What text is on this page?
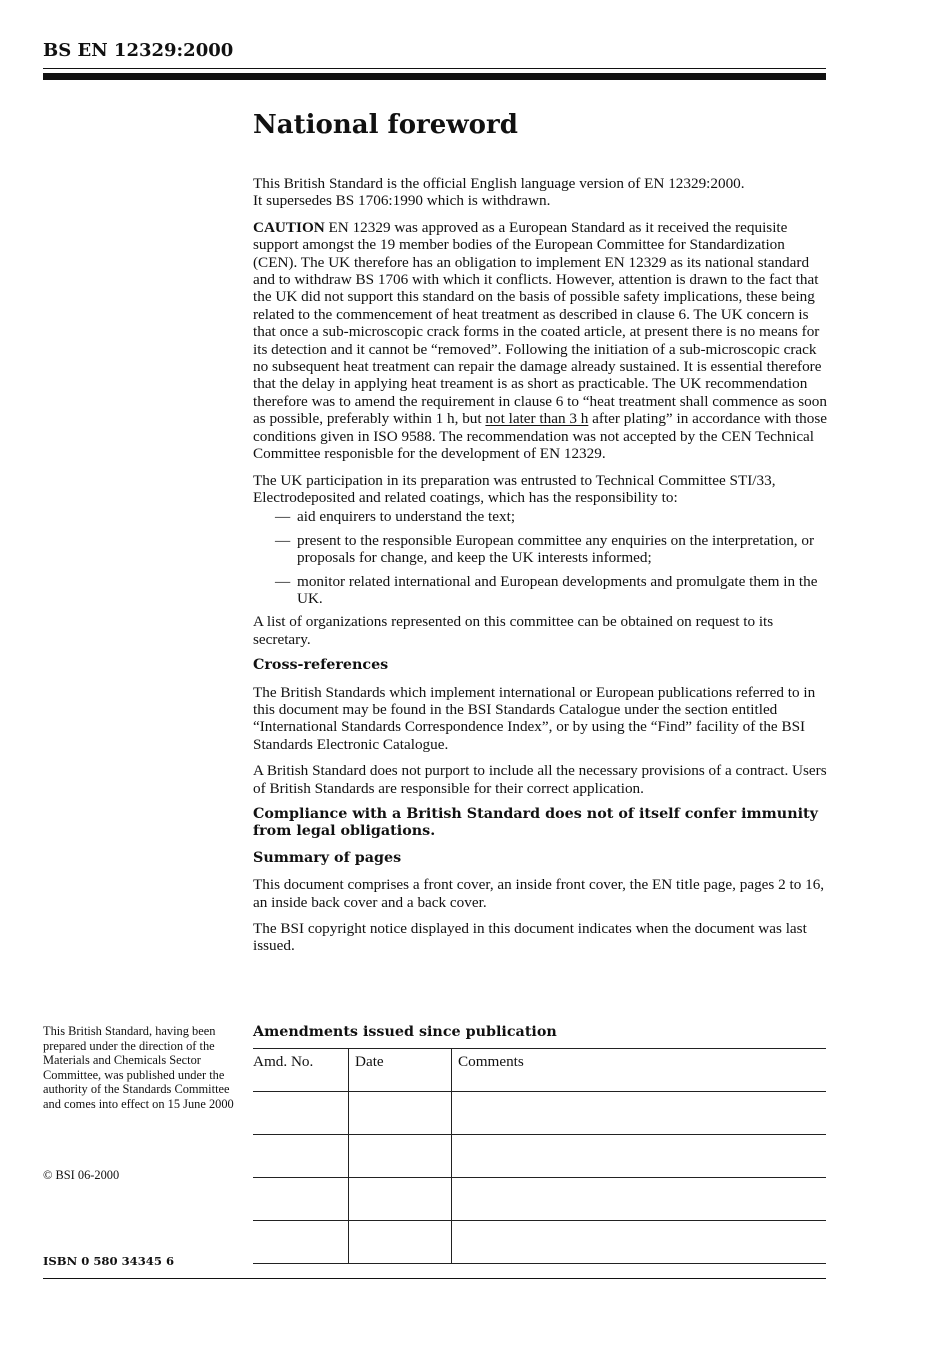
BS EN 12329:2000
National foreword

This British Standard is the official English language version of EN 12329:2000.
It supersedes BS 1706:1990 which is withdrawn.

CAUTION EN 12329 was approved as a European Standard as it received the requisite support amongst the 19 member bodies of the European Committee for Standardization (CEN). The UK therefore has an obligation to implement EN 12329 as its national standard and to withdraw BS 1706 with which it conflicts. However, attention is drawn to the fact that the UK did not support this standard on the basis of possible safety implications, these being related to the commencement of heat treatment as described in clause 6. The UK concern is that once a sub-microscopic crack forms in the coated article, at present there is no means for its detection and it cannot be “removed”. Following the initiation of a sub-microscopic crack no subsequent heat treatment can repair the damage already sustained. It is essential therefore that the delay in applying heat treament is as short as practicable. The UK recommendation therefore was to amend the requirement in clause 6 to “heat treatment shall commence as soon as possible, preferably within 1 h, but not later than 3 h after plating” in accordance with those conditions given in ISO 9588. The recommendation was not accepted by the CEN Technical Committee responisble for the development of EN 12329.

The UK participation in its preparation was entrusted to Technical Committee STI/33, Electrodeposited and related coatings, which has the responsibility to:

— aid enquirers to understand the text;
— present to the responsible European committee any enquiries on the interpretation, or proposals for change, and keep the UK interests informed;
— monitor related international and European developments and promulgate them in the UK.

A list of organizations represented on this committee can be obtained on request to its secretary.

Cross-references

The British Standards which implement international or European publications referred to in this document may be found in the BSI Standards Catalogue under the section entitled “International Standards Correspondence Index”, or by using the “Find” facility of the BSI Standards Electronic Catalogue.

A British Standard does not purport to include all the necessary provisions of a contract. Users of British Standards are responsible for their correct application.

Compliance with a British Standard does not of itself confer immunity from legal obligations.
Summary of pages

This document comprises a front cover, an inside front cover, the EN title page, pages 2 to 16, an inside back cover and a back cover.

The BSI copyright notice displayed in this document indicates when the document was last issued.

This British Standard, having been prepared under the direction of the Materials and Chemicals Sector Committee, was published under the authority of the Standards Committee and comes into effect on 15 June 2000
© BSI 06-2000
ISBN 0 580 34345 6
Amendments issued since publication
Amd. No.	Date	Comments
